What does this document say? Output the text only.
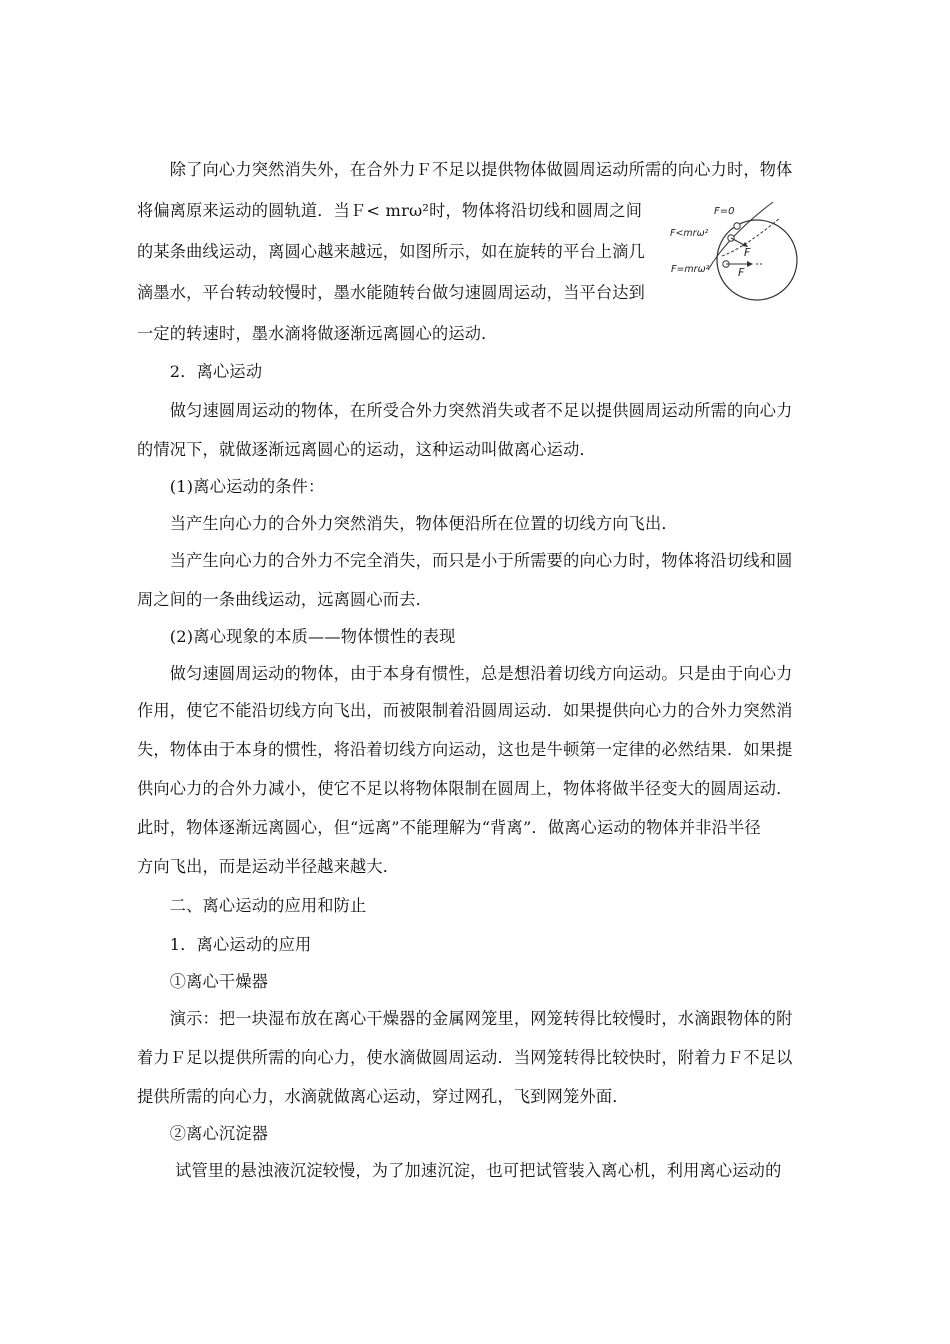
　　除了向心力突然消失外，在合外力Ｆ不足以提供物体做圆周运动所需的向心力时，物体
将偏离原来运动的圆轨道．当Ｆ< mrω²时，物体将沿切线和圆周之间
的某条曲线运动，离圆心越来越远，如图所示，如在旋转的平台上滴几
滴墨水，平台转动较慢时，墨水能随转台做匀速圆周运动，当平台达到
一定的转速时，墨水滴将做逐渐远离圆心的运动．
　　2．离心运动
　　做匀速圆周运动的物体，在所受合外力突然消失或者不足以提供圆周运动所需的向心力
的情况下，就做逐渐远离圆心的运动，这种运动叫做离心运动．
　　(1)离心运动的条件：
　　当产生向心力的合外力突然消失，物体便沿所在位置的切线方向飞出．
　　当产生向心力的合外力不完全消失，而只是小于所需要的向心力时，物体将沿切线和圆
周之间的一条曲线运动，远离圆心而去．
　　(2)离心现象的本质——物体惯性的表现
　　做匀速圆周运动的物体，由于本身有惯性，总是想沿着切线方向运动。只是由于向心力
作用，使它不能沿切线方向飞出，而被限制着沿圆周运动．如果提供向心力的合外力突然消
失，物体由于本身的惯性，将沿着切线方向运动，这也是牛顿第一定律的必然结果．如果提
供向心力的合外力减小，使它不足以将物体限制在圆周上，物体将做半径变大的圆周运动．
此时，物体逐渐远离圆心，但“远离”不能理解为“背离”．做离心运动的物体并非沿半径
方向飞出，而是运动半径越来越大．
　　二、离心运动的应用和防止
　　1．离心运动的应用
　　①离心干燥器
　　演示：把一块湿布放在离心干燥器的金属网笼里，网笼转得比较慢时，水滴跟物体的附
着力Ｆ足以提供所需的向心力，使水滴做圆周运动．当网笼转得比较快时，附着力Ｆ不足以
提供所需的向心力，水滴就做离心运动，穿过网孔，飞到网笼外面．
　　②离心沉淀器
　　 试管里的悬浊液沉淀较慢，为了加速沉淀，也可把试管装入离心机，利用离心运动的
F=0
F<mrω²
F=mrω²
F
F
